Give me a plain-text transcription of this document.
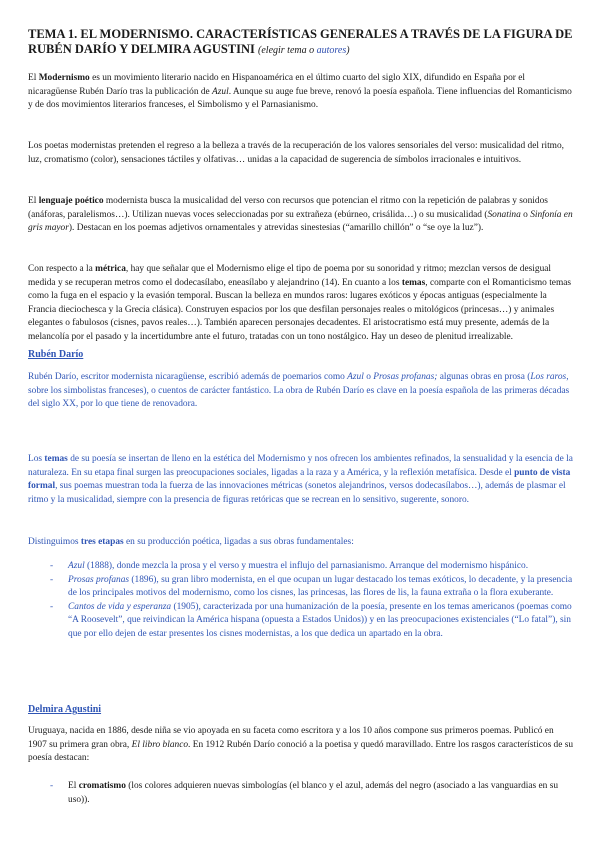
TEMA 1. EL MODERNISMO. CARACTERÍSTICAS GENERALES A TRAVÉS DE LA FIGURA DE RUBÉN DARÍO Y DELMIRA AGUSTINI (elegir tema o autores)

El Modernismo es un movimiento literario nacido en Hispanoamérica en el último cuarto del siglo XIX, difundido en España por el nicaragüense Rubén Darío tras la publicación de Azul. Aunque su auge fue breve, renovó la poesía española. Tiene influencias del Romanticismo y de dos movimientos literarios franceses, el Simbolismo y el Parnasianismo.

Los poetas modernistas pretenden el regreso a la belleza a través de la recuperación de los valores sensoriales del verso: musicalidad del ritmo, luz, cromatismo (color), sensaciones táctiles y olfativas… unidas a la capacidad de sugerencia de símbolos irracionales e intuitivos.

El lenguaje poético modernista busca la musicalidad del verso con recursos que potencian el ritmo con la repetición de palabras y sonidos (anáforas, paralelismos…). Utilizan nuevas voces seleccionadas por su extrañeza (ebúrneo, crisálida…) o su musicalidad (Sonatina o Sinfonía en gris mayor). Destacan en los poemas adjetivos ornamentales y atrevidas sinestesias (“amarillo chillón” o “se oye la luz”).

Con respecto a la métrica, hay que señalar que el Modernismo elige el tipo de poema por su sonoridad y ritmo; mezclan versos de desigual medida y se recuperan metros como el dodecasílabo, eneasílabo y alejandrino (14). En cuanto a los temas, comparte con el Romanticismo temas como la fuga en el espacio y la evasión temporal. Buscan la belleza en mundos raros: lugares exóticos y épocas antiguas (especialmente la Francia dieciochesca y la Grecia clásica). Construyen espacios por los que desfilan personajes reales o mitológicos (princesas…) y animales elegantes o fabulosos (cisnes, pavos reales…). También aparecen personajes decadentes. El aristocratismo está muy presente, además de la melancolía por el pasado y la incertidumbre ante el futuro, tratadas con un tono nostálgico. Hay un deseo de plenitud irrealizable.

Rubén Darío

Rubén Darío, escritor modernista nicaragüense, escribió además de poemarios como Azul o Prosas profanas; algunas obras en prosa (Los raros, sobre los simbolistas franceses), o cuentos de carácter fantástico. La obra de Rubén Darío es clave en la poesía española de las primeras décadas del siglo XX, por lo que tiene de renovadora.

Los temas de su poesía se insertan de lleno en la estética del Modernismo y nos ofrecen los ambientes refinados, la sensualidad y la esencia de la naturaleza. En su etapa final surgen las preocupaciones sociales, ligadas a la raza y a América, y la reflexión metafísica. Desde el punto de vista formal, sus poemas muestran toda la fuerza de las innovaciones métricas (sonetos alejandrinos, versos dodecasílabos…), además de plasmar el ritmo y la musicalidad, siempre con la presencia de figuras retóricas que se recrean en lo sensitivo, sugerente, sonoro.

Distinguimos tres etapas en su producción poética, ligadas a sus obras fundamentales:

- Azul (1888), donde mezcla la prosa y el verso y muestra el influjo del parnasianismo. Arranque del modernismo hispánico.
- Prosas profanas (1896), su gran libro modernista, en el que ocupan un lugar destacado los temas exóticos, lo decadente, y la presencia de los principales motivos del modernismo, como los cisnes, las princesas, las flores de lis, la fauna extraña o la flora exuberante.
- Cantos de vida y esperanza (1905), caracterizada por una humanización de la poesía, presente en los temas americanos (poemas como “A Roosevelt”, que reivindican la América hispana (opuesta a Estados Unidos)) y en las preocupaciones existenciales (“Lo fatal”), sin que por ello dejen de estar presentes los cisnes modernistas, a los que dedica un apartado en la obra.
Delmira Agustini

Uruguaya, nacida en 1886, desde niña se vio apoyada en su faceta como escritora y a los 10 años compone sus primeros poemas. Publicó en 1907 su primera gran obra, El libro blanco. En 1912 Rubén Darío conoció a la poetisa y quedó maravillado. Entre los rasgos característicos de su poesía destacan:

- El cromatismo (los colores adquieren nuevas simbologías (el blanco y el azul, además del negro (asociado a las vanguardias en su uso)).
